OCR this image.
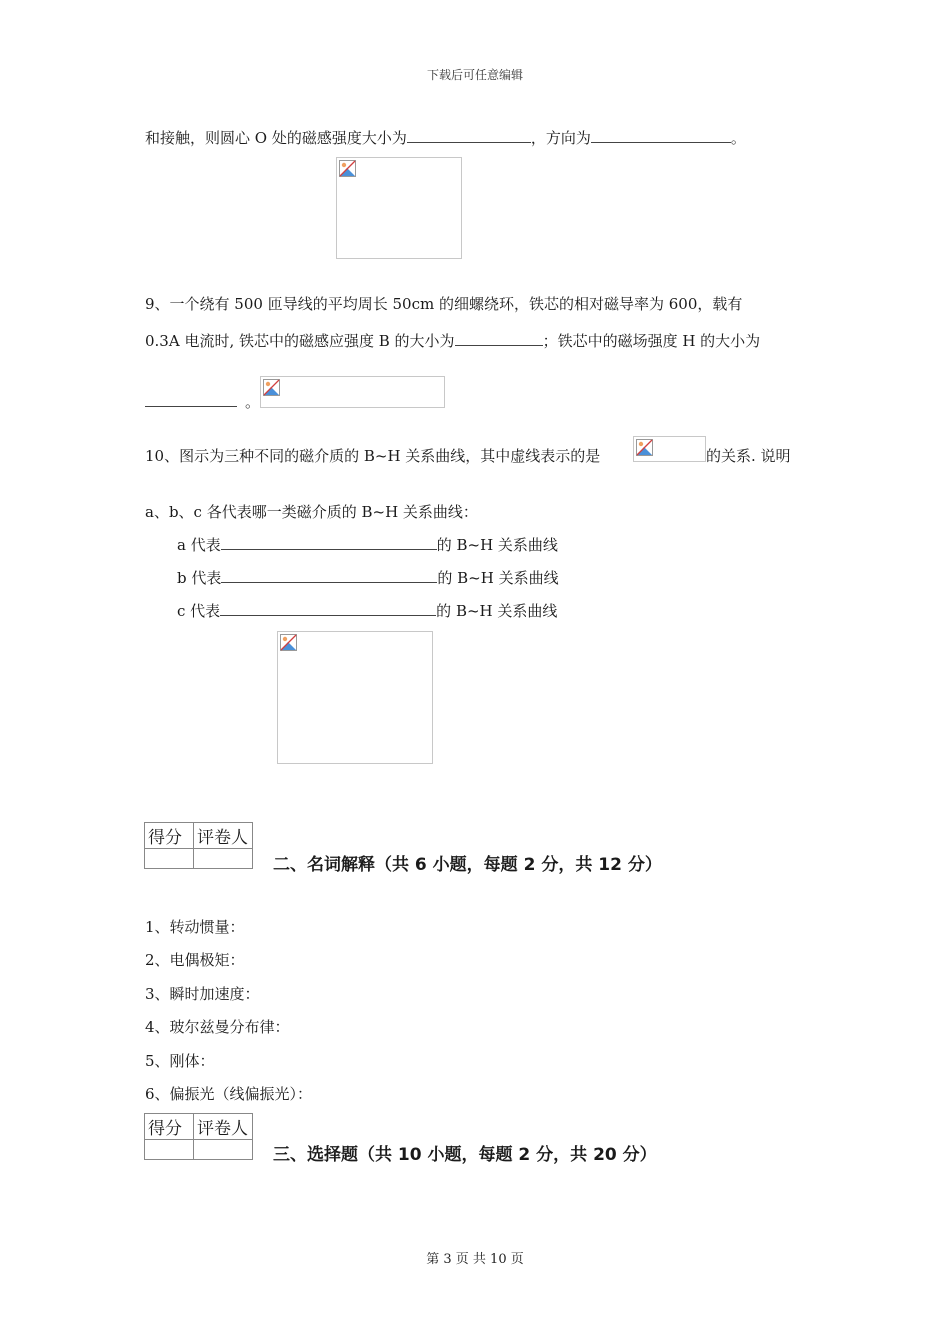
下载后可任意编辑
和接触，则圆心 O 处的磁感强度大小为	，方向为	。
9、一个绕有 500 匝导线的平均周长 50cm 的细螺绕环，铁芯的相对磁导率为 600，载有
0.3A 电流时, 铁芯中的磁感应强度 B 的大小为	；铁芯中的磁场强度 H 的大小为
。
10、图示为三种不同的磁介质的 B~H 关系曲线，其中虚线表示的是	的关系. 说明
a、b、c 各代表哪一类磁介质的 B~H 关系曲线：
a 代表	的 B~H 关系曲线
b 代表	的 B~H 关系曲线
c 代表	的 B~H 关系曲线
得分	评卷人

二、名词解释（共 6 小题，每题 2 分，共 12 分）
1、转动惯量：
2、电偶极矩：
3、瞬时加速度：
4、玻尔兹曼分布律：
5、刚体：
6、偏振光（线偏振光）：
得分	评卷人

三、选择题（共 10 小题，每题 2 分，共 20 分）
第 3 页 共 10 页
